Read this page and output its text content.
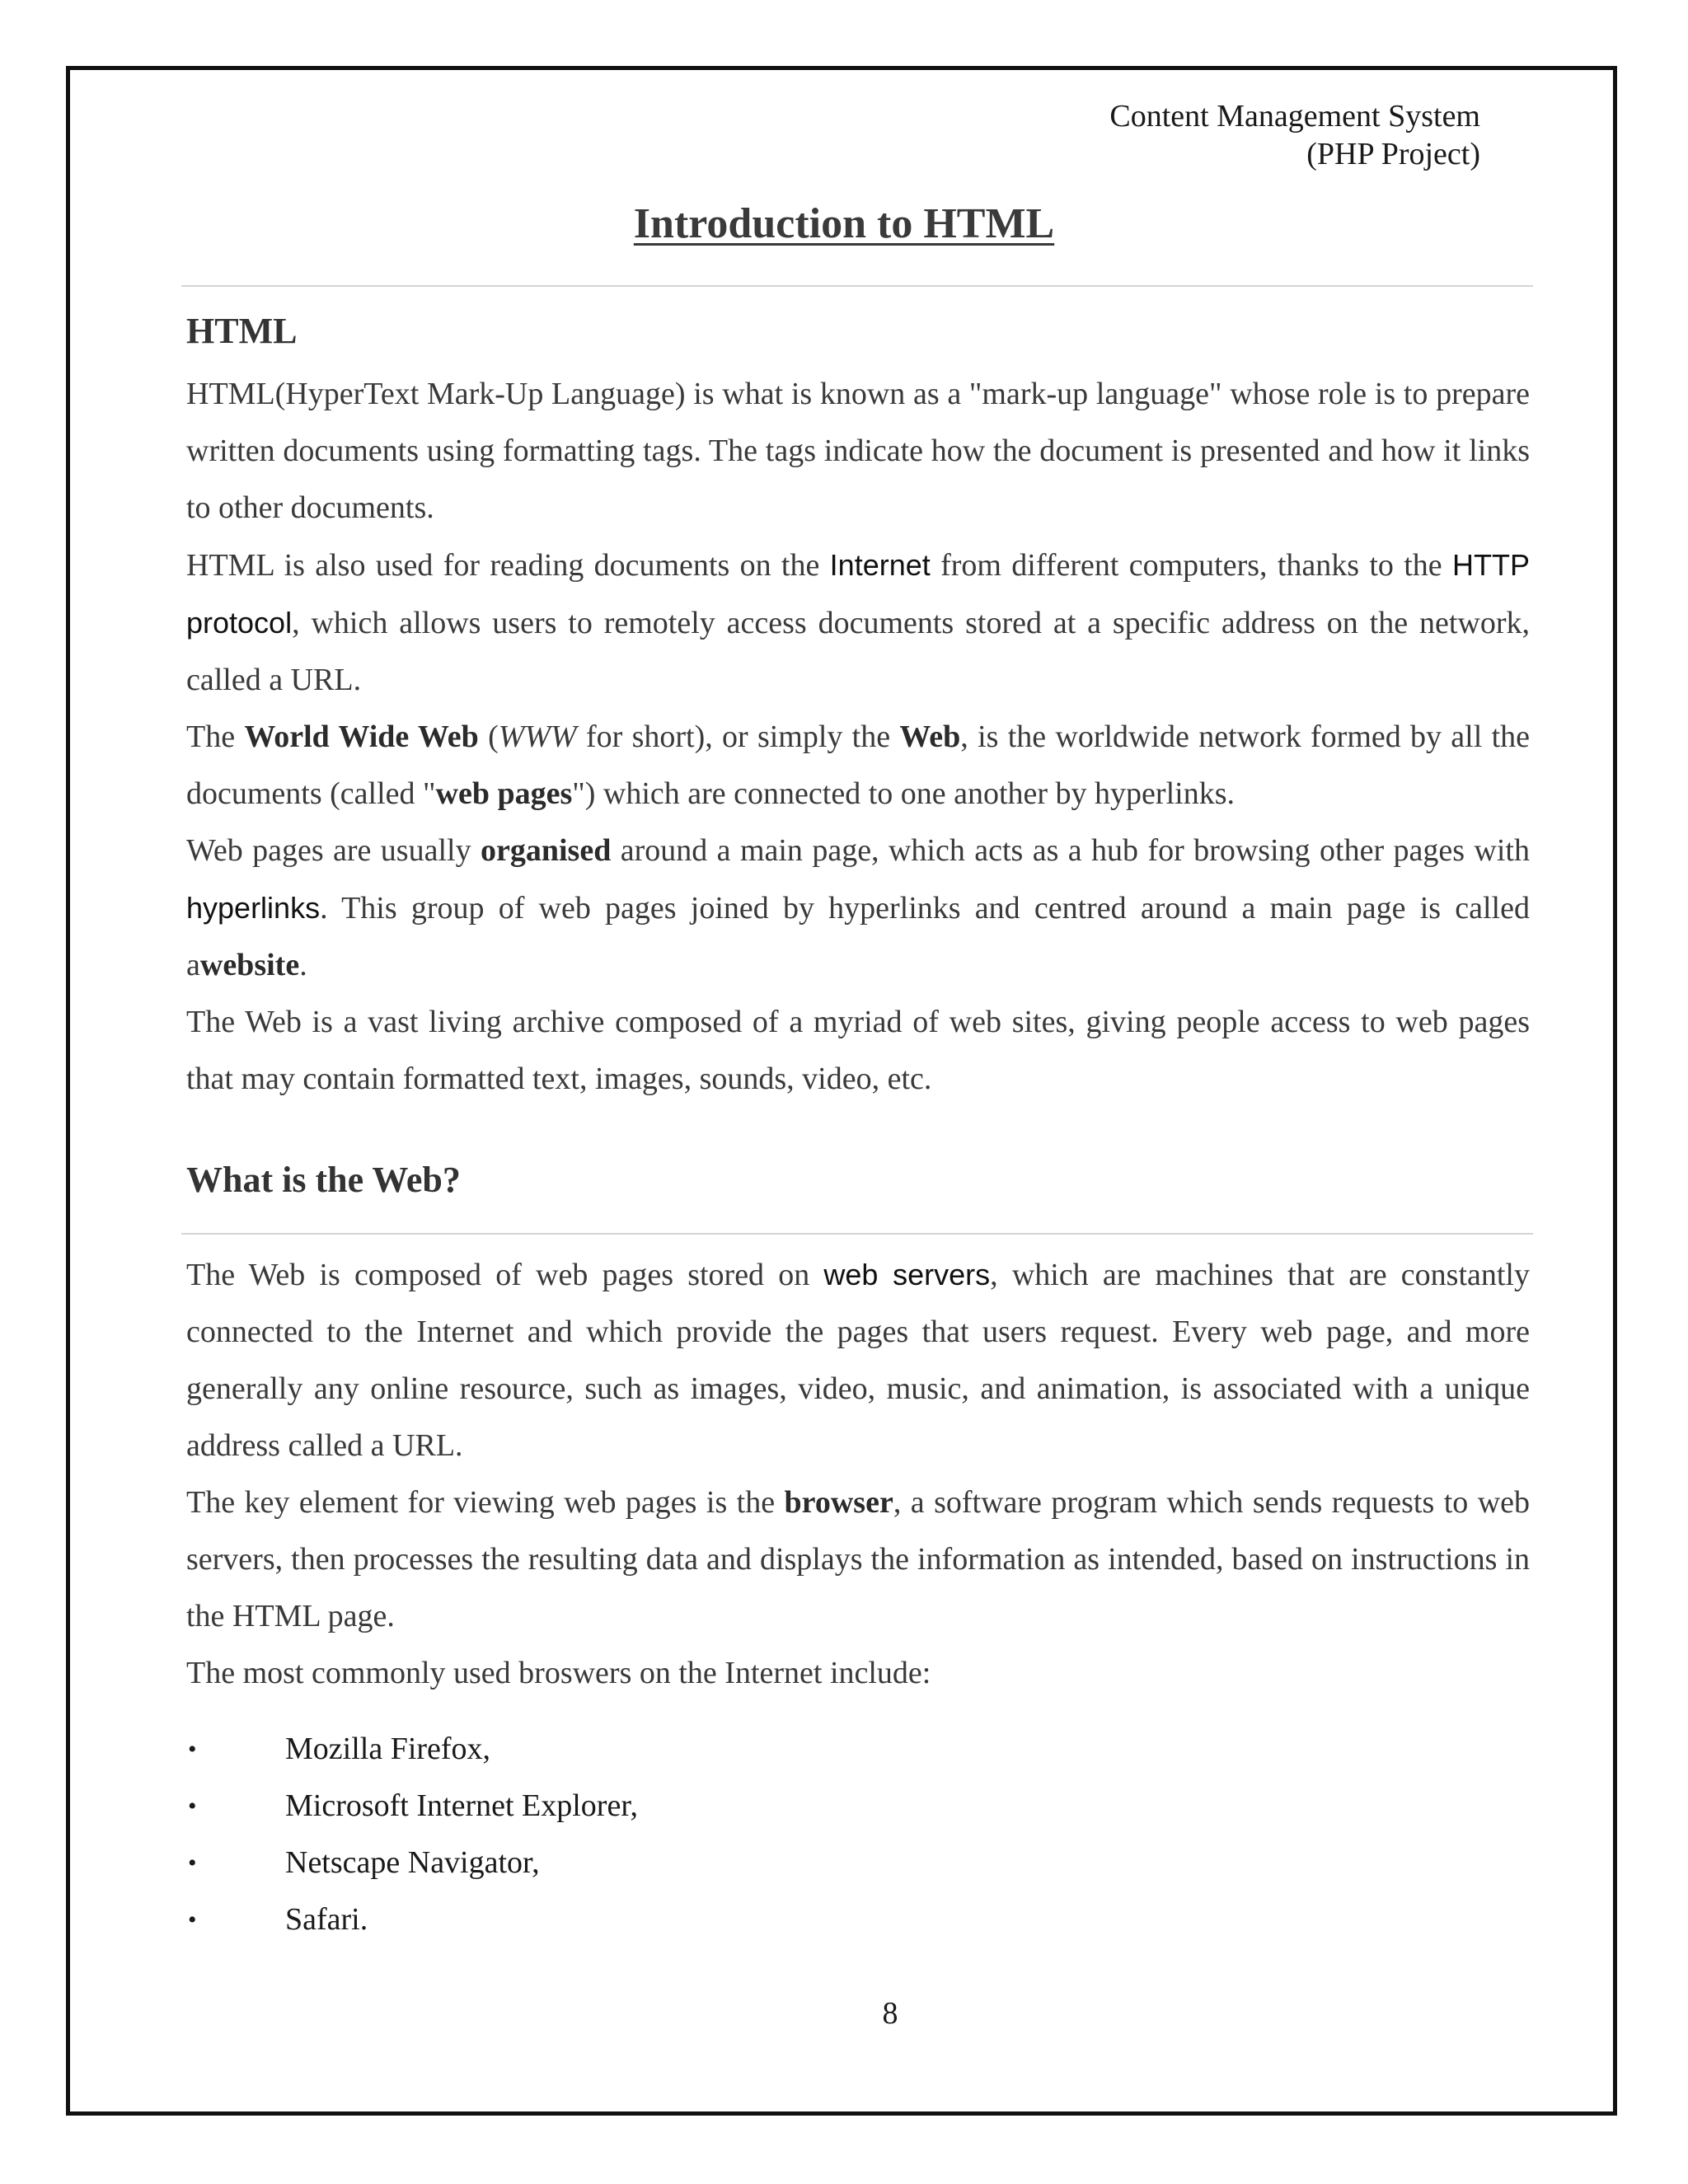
Content Management System
(PHP Project)
Introduction to HTML
HTML

HTML(HyperText Mark-Up Language) is what is known as a "mark-up language" whose role is to prepare written documents using formatting tags. The tags indicate how the document is presented and how it links to other documents.

HTML is also used for reading documents on the Internet from different computers, thanks to the HTTP protocol, which allows users to remotely access documents stored at a specific address on the network, called a URL.

The World Wide Web (WWW for short), or simply the Web, is the worldwide network formed by all the documents (called "web pages") which are connected to one another by hyperlinks.

Web pages are usually organised around a main page, which acts as a hub for browsing other pages with hyperlinks. This group of web pages joined by hyperlinks and centred around a main page is called awebsite.

The Web is a vast living archive composed of a myriad of web sites, giving people access to web pages that may contain formatted text, images, sounds, video, etc.

What is the Web?

The Web is composed of web pages stored on web servers, which are machines that are constantly connected to the Internet and which provide the pages that users request. Every web page, and more generally any online resource, such as images, video, music, and animation, is associated with a unique address called a URL.

The key element for viewing web pages is the browser, a software program which sends requests to web servers, then processes the resulting data and displays the information as intended, based on instructions in the HTML page.

The most commonly used broswers on the Internet include:

•	Mozilla Firefox,
•	Microsoft Internet Explorer,
•	Netscape Navigator,
•	Safari.
8
